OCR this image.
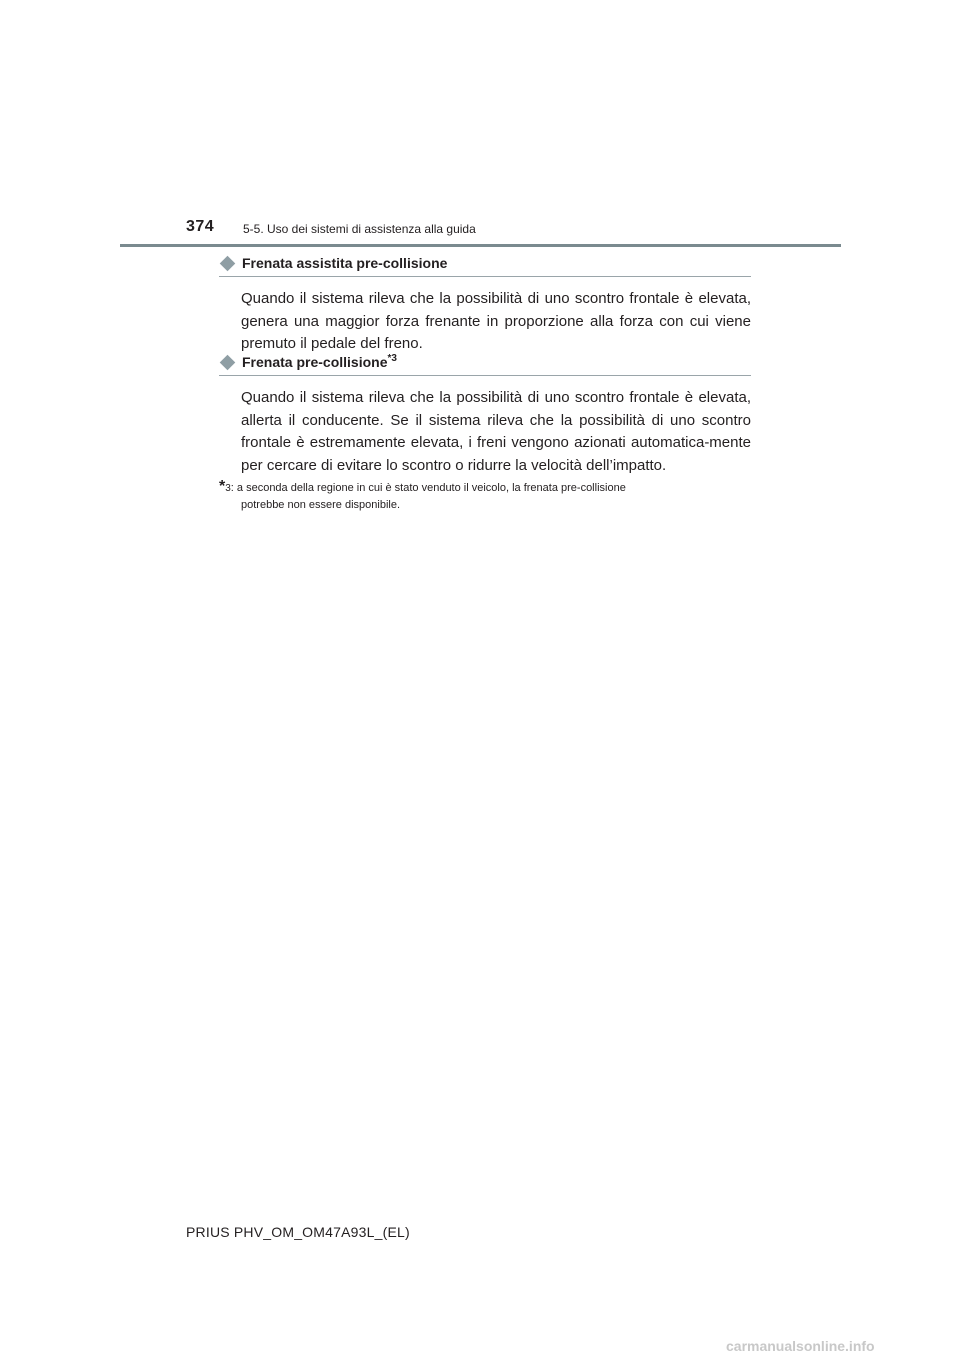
374 5-5. Uso dei sistemi di assistenza alla guida
Frenata assistita pre-collisione
Quando il sistema rileva che la possibilità di uno scontro frontale è elevata, genera una maggior forza frenante in proporzione alla forza con cui viene premuto il pedale del freno.
Frenata pre-collisione$^{*3}$
Quando il sistema rileva che la possibilità di uno scontro frontale è elevata, allerta il conducente. Se il sistema rileva che la possibilità di uno scontro frontale è estremamente elevata, i freni vengono azionati automatica-mente per cercare di evitare lo scontro o ridurre la velocità dell’impatto.
*3: a seconda della regione in cui è stato venduto il veicolo, la frenata pre-collisione
potrebbe non essere disponibile.
PRIUS PHV_OM_OM47A93L_(EL)
carmanualsonline.info
